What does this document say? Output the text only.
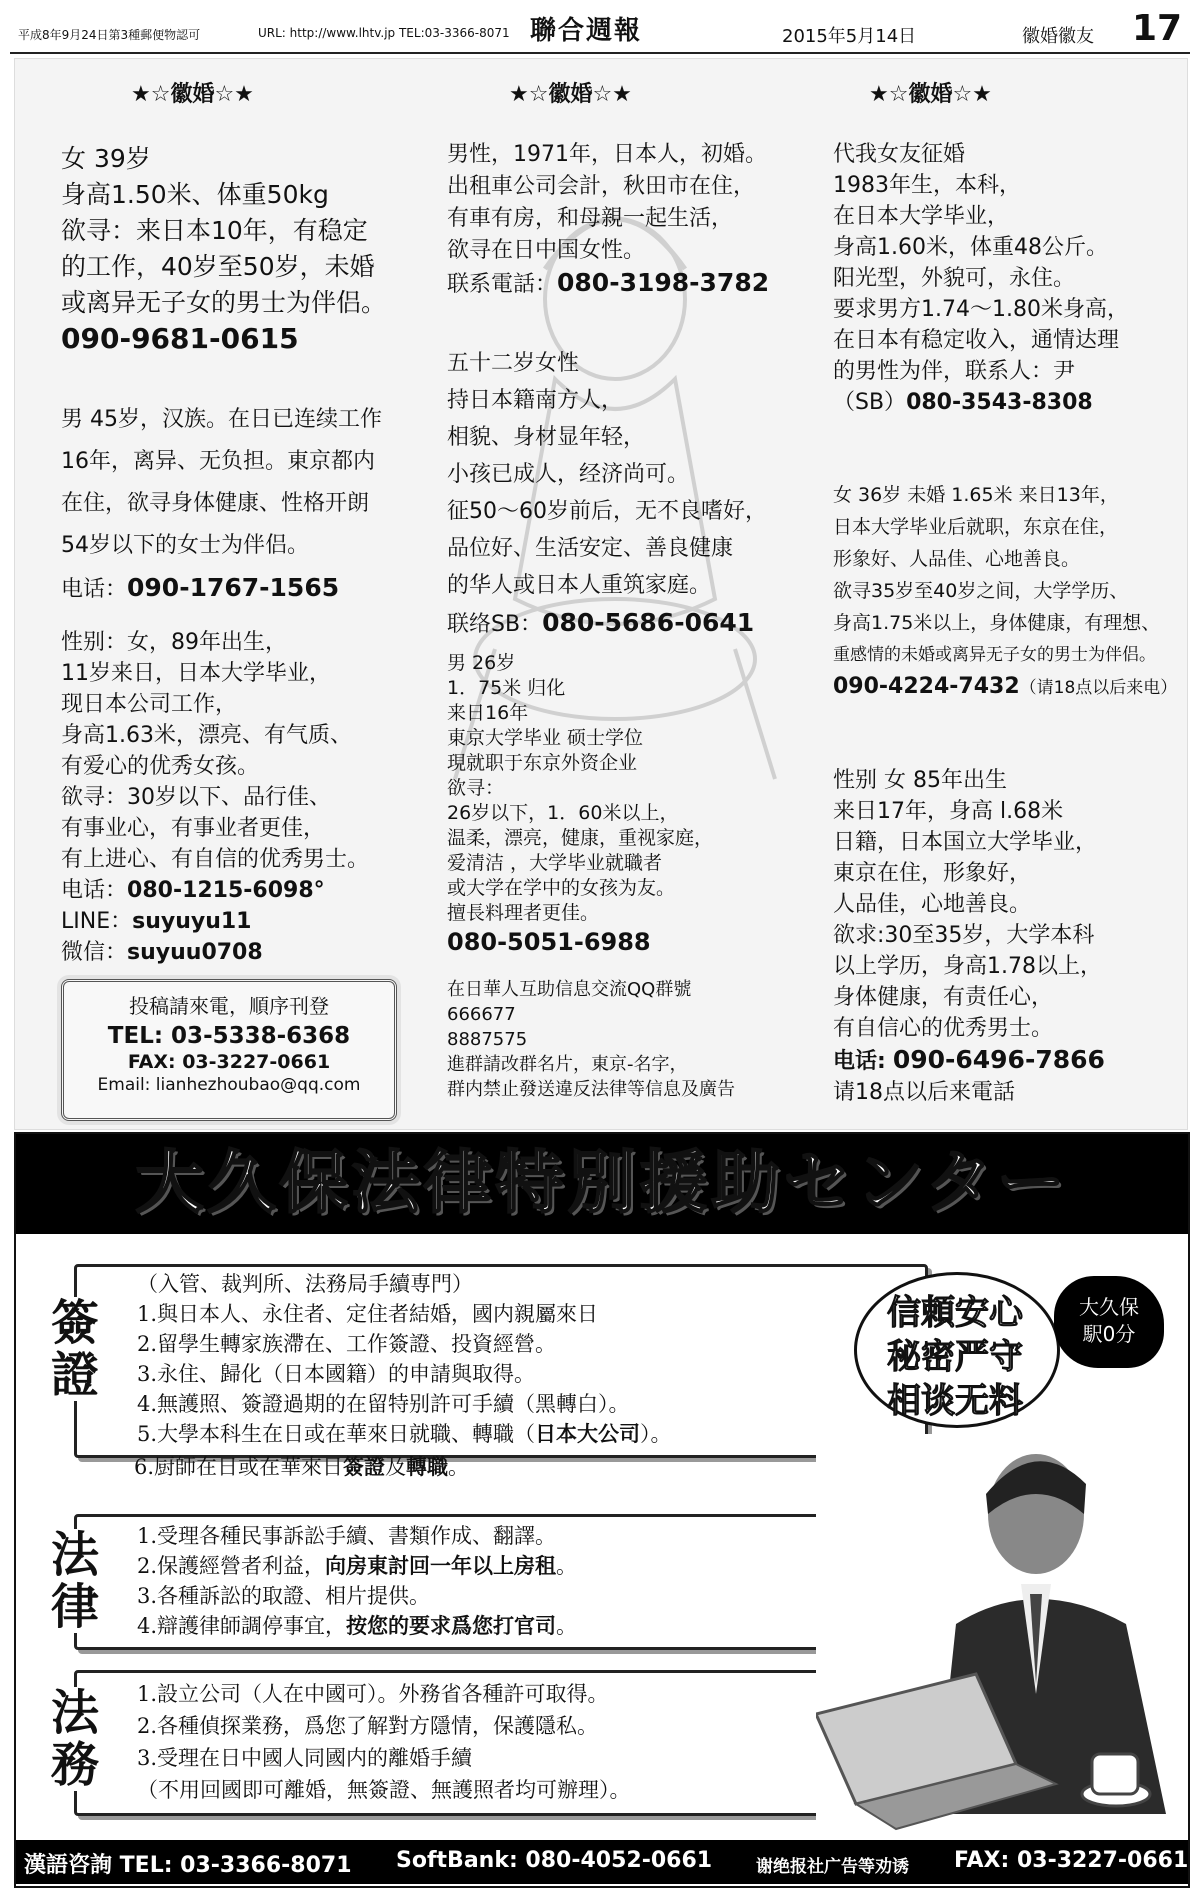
平成8年9月24日第3種郵便物認可	URL: http://www.lhtv.jp TEL:03-3366-8071 聯合週報	2015年5月14日	徽婚徽友 17
★☆徽婚☆★
女 39岁
身高1.50米、体重50kg
欲寻：来日本10年，有稳定
的工作，40岁至50岁，未婚
或离异无子女的男士为伴侣。
090-9681-0615
男 45岁，汉族。在日已连续工作
16年，离异、无负担。東京都内
在住，欲寻身体健康、性格开朗
54岁以下的女士为伴侣。
电话：090-1767-1565
性别：女，89年出生，
11岁来日，日本大学毕业，
现日本公司工作，
身高1.63米，漂亮、有气质、
有爱心的优秀女孩。
欲寻：30岁以下、品行佳、
有事业心，有事业者更佳，
有上进心、有自信的优秀男士。
电话：080-1215-6098°
LINE：suyuyu11
微信：suyuu0708
投稿請來電，順序刊登
TEL: 03-5338-6368
FAX: 03-3227-0661
Email: lianhezhoubao@qq.com
★☆徽婚☆★
男性，1971年，日本人，初婚。
出租車公司会計，秋田市在住，
有車有房，和母親一起生活，
欲寻在日中国女性。
联系電話：080-3198-3782
五十二岁女性
持日本籍南方人，
相貌、身材显年轻，
小孩已成人，经济尚可。
征50～60岁前后，无不良嗜好，
品位好、生活安定、善良健康
的华人或日本人重筑家庭。
联络SB：080-5686-0641
男 26岁
1．75米 归化
来日16年
東京大学毕业 硕士学位
現就职于东京外资企业
欲寻：
26岁以下，1．60米以上，
温柔，漂亮，健康，重视家庭，
爱清洁 ，大学毕业就職者
或大学在学中的女孩为友。
擅長料理者更佳。
080-5051-6988
在日華人互助信息交流QQ群號
666677
8887575
進群請改群名片，東京-名字，
群内禁止發送違反法律等信息及廣告
★☆徽婚☆★
代我女友征婚
1983年生，本科，
在日本大学毕业，
身高1.60米，体重48公斤。
阳光型，外貌可，永住。
要求男方1.74～1.80米身高，
在日本有稳定收入，通情达理
的男性为伴，联系人：尹
（SB）080-3543-8308
女 36岁 未婚 1.65米 来日13年，
日本大学毕业后就职，东京在住，
形象好、人品佳、心地善良。
欲寻35岁至40岁之间，大学学历、
身高1.75米以上，身体健康，有理想、
重感情的未婚或离异无子女的男士为伴侣。
090-4224-7432（请18点以后来电）
性别 女 85年出生
来日17年，身高 l.68米
日籍，日本国立大学毕业，
東京在住，形象好，
人品佳，心地善良。
欲求:30至35岁，大学本科
以上学历，身高1.78以上，
身体健康，有责任心，
有自信心的优秀男士。
电话: 090-6496-7866
请18点以后来電話
大久保法律特別援助センター
簽證
（入管、裁判所、法務局手續専門）
1.與日本人、永住者、定住者結婚，國内親屬來日
2.留學生轉家族滯在、工作簽證、投資經營。
3.永住、歸化（日本國籍）的申請與取得。
4.無護照、簽證過期的在留特别許可手續（黑轉白）。
5.大學本科生在日或在華來日就職、轉職（日本大公司）。
6.厨師在日或在華來日簽證及轉職。
法律
1.受理各種民事訴訟手續、書類作成、翻譯。
2.保護經營者利益，向房東討回一年以上房租。
3.各種訴訟的取證、相片提供。
4.辯護律師調停事宜，按您的要求爲您打官司。
法務
1.設立公司（人在中國可）。外務省各種許可取得。
2.各種偵探業務，爲您了解對方隱情，保護隱私。
3.受理在日中國人同國内的離婚手續
（不用回國即可離婚，無簽證、無護照者均可辦理）。
信頼安心
秘密严守
相谈无料
漢語咨詢 TEL: 03-3366-8071 SoftBank: 080-4052-0661	谢绝报社广告等劝诱 FAX: 03-3227-0661
大久保
駅0分
